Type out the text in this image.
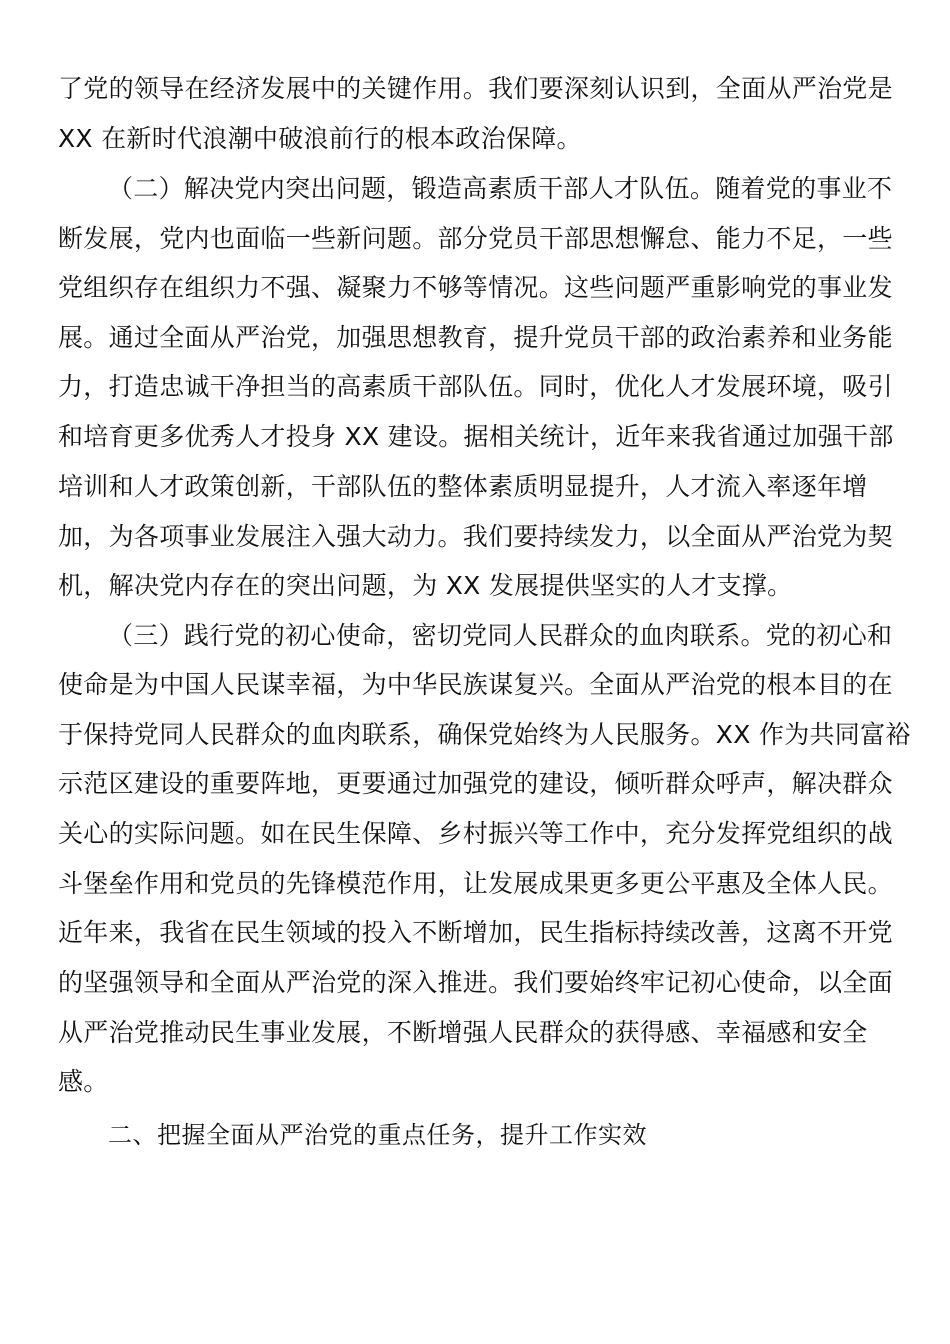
了党的领导在经济发展中的关键作用。我们要深刻认识到，全面从严治党是
XX 在新时代浪潮中破浪前行的根本政治保障。
（二）解决党内突出问题，锻造高素质干部人才队伍。随着党的事业不
断发展，党内也面临一些新问题。部分党员干部思想懈怠、能力不足，一些
党组织存在组织力不强、凝聚力不够等情况。这些问题严重影响党的事业发
展。通过全面从严治党，加强思想教育，提升党员干部的政治素养和业务能
力，打造忠诚干净担当的高素质干部队伍。同时，优化人才发展环境，吸引
和培育更多优秀人才投身 XX 建设。据相关统计，近年来我省通过加强干部
培训和人才政策创新，干部队伍的整体素质明显提升，人才流入率逐年增
加，为各项事业发展注入强大动力。我们要持续发力，以全面从严治党为契
机，解决党内存在的突出问题，为 XX 发展提供坚实的人才支撑。
（三）践行党的初心使命，密切党同人民群众的血肉联系。党的初心和
使命是为中国人民谋幸福，为中华民族谋复兴。全面从严治党的根本目的在
于保持党同人民群众的血肉联系，确保党始终为人民服务。XX 作为共同富裕
示范区建设的重要阵地，更要通过加强党的建设，倾听群众呼声，解决群众
关心的实际问题。如在民生保障、乡村振兴等工作中，充分发挥党组织的战
斗堡垒作用和党员的先锋模范作用，让发展成果更多更公平惠及全体人民。
近年来，我省在民生领域的投入不断增加，民生指标持续改善，这离不开党
的坚强领导和全面从严治党的深入推进。我们要始终牢记初心使命，以全面
从严治党推动民生事业发展，不断增强人民群众的获得感、幸福感和安全
感。
二、把握全面从严治党的重点任务，提升工作实效
